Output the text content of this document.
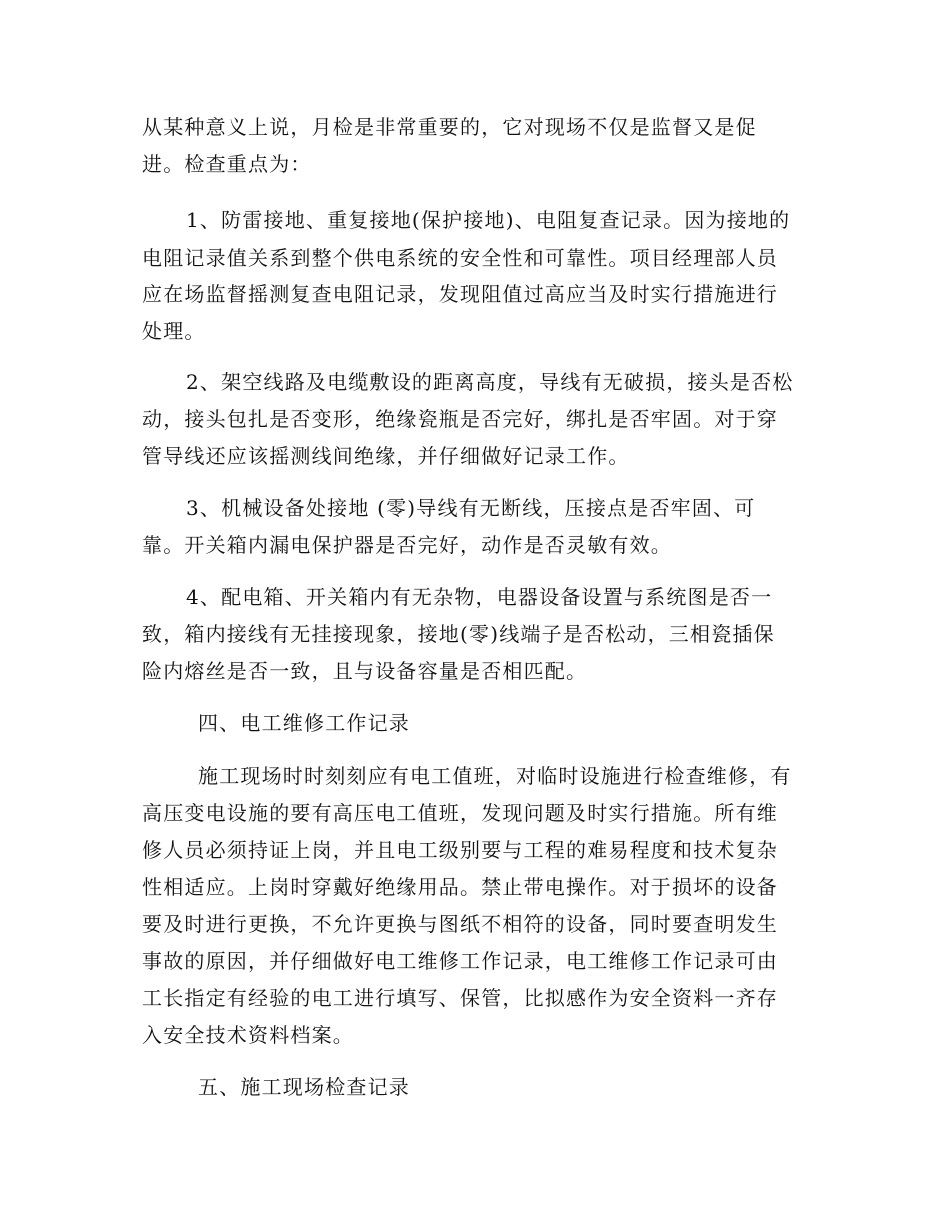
从某种意义上说，月检是非常重要的，它对现场不仅是监督又是促
进。检查重点为：
1、防雷接地、重复接地(保护接地)、电阻复查记录。因为接地的
电阻记录值关系到整个供电系统的安全性和可靠性。项目经理部人员
应在场监督摇测复查电阻记录，发现阻值过高应当及时实行措施进行
处理。
2、架空线路及电缆敷设的距离高度，导线有无破损，接头是否松
动，接头包扎是否变形，绝缘瓷瓶是否完好，绑扎是否牢固。对于穿
管导线还应该摇测线间绝缘，并仔细做好记录工作。
3、机械设备处接地 (零)导线有无断线，压接点是否牢固、可
靠。开关箱内漏电保护器是否完好，动作是否灵敏有效。
4、配电箱、开关箱内有无杂物，电器设备设置与系统图是否一
致，箱内接线有无挂接现象，接地(零)线端子是否松动，三相瓷插保
险内熔丝是否一致，且与设备容量是否相匹配。
四、电工维修工作记录
施工现场时时刻刻应有电工值班，对临时设施进行检查维修，有
高压变电设施的要有高压电工值班，发现问题及时实行措施。所有维
修人员必须持证上岗，并且电工级别要与工程的难易程度和技术复杂
性相适应。上岗时穿戴好绝缘用品。禁止带电操作。对于损坏的设备
要及时进行更换，不允许更换与图纸不相符的设备，同时要查明发生
事故的原因，并仔细做好电工维修工作记录，电工维修工作记录可由
工长指定有经验的电工进行填写、保管，比拟感作为安全资料一齐存
入安全技术资料档案。
五、施工现场检查记录
